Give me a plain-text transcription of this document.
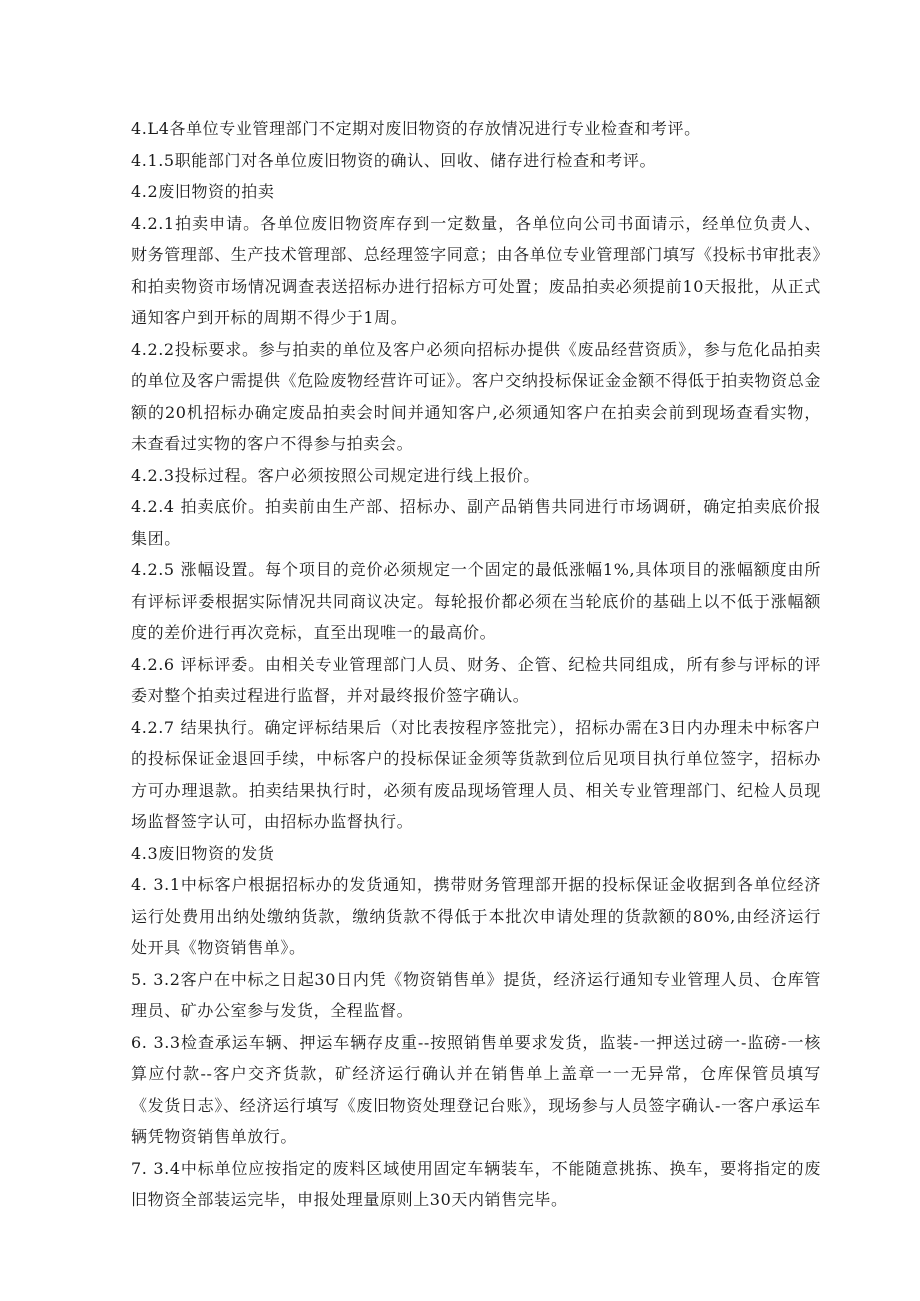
4.L4各单位专业管理部门不定期对废旧物资的存放情况进行专业检查和考评。

4.1.5职能部门对各单位废旧物资的确认、回收、储存进行检查和考评。

4.2废旧物资的拍卖

4.2.1拍卖申请。各单位废旧物资库存到一定数量，各单位向公司书面请示，经单位负责人、财务管理部、生产技术管理部、总经理签字同意；由各单位专业管理部门填写《投标书审批表》和拍卖物资市场情况调查表送招标办进行招标方可处置；废品拍卖必须提前10天报批，从正式通知客户到开标的周期不得少于1周。

4.2.2投标要求。参与拍卖的单位及客户必须向招标办提供《废品经营资质》，参与危化品拍卖的单位及客户需提供《危险废物经营许可证》。客户交纳投标保证金金额不得低于拍卖物资总金额的20机招标办确定废品拍卖会时间并通知客户,必须通知客户在拍卖会前到现场查看实物，未查看过实物的客户不得参与拍卖会。

4.2.3投标过程。客户必须按照公司规定进行线上报价。

4.2.4 拍卖底价。拍卖前由生产部、招标办、副产品销售共同进行市场调研，确定拍卖底价报集团。

4.2.5 涨幅设置。每个项目的竞价必须规定一个固定的最低涨幅1%,具体项目的涨幅额度由所有评标评委根据实际情况共同商议决定。每轮报价都必须在当轮底价的基础上以不低于涨幅额度的差价进行再次竞标，直至出现唯一的最高价。

4.2.6 评标评委。由相关专业管理部门人员、财务、企管、纪检共同组成，所有参与评标的评委对整个拍卖过程进行监督，并对最终报价签字确认。

4.2.7 结果执行。确定评标结果后（对比表按程序签批完），招标办需在3日内办理未中标客户的投标保证金退回手续，中标客户的投标保证金须等货款到位后见项目执行单位签字，招标办方可办理退款。拍卖结果执行时，必须有废品现场管理人员、相关专业管理部门、纪检人员现场监督签字认可，由招标办监督执行。

4.3废旧物资的发货

4. 3.1中标客户根据招标办的发货通知，携带财务管理部开据的投标保证金收据到各单位经济运行处费用出纳处缴纳货款，缴纳货款不得低于本批次申请处理的货款额的80%,由经济运行处开具《物资销售单》。

5. 3.2客户在中标之日起30日内凭《物资销售单》提货，经济运行通知专业管理人员、仓库管理员、矿办公室参与发货，全程监督。

6. 3.3检查承运车辆、押运车辆存皮重--按照销售单要求发货，监装-一押送过磅一-监磅-一核算应付款--客户交齐货款，矿经济运行确认并在销售单上盖章一一无异常，仓库保管员填写《发货日志》、经济运行填写《废旧物资处理登记台账》，现场参与人员签字确认-一客户承运车辆凭物资销售单放行。

7. 3.4中标单位应按指定的废料区域使用固定车辆装车，不能随意挑拣、换车，要将指定的废旧物资全部装运完毕，申报处理量原则上30天内销售完毕。
